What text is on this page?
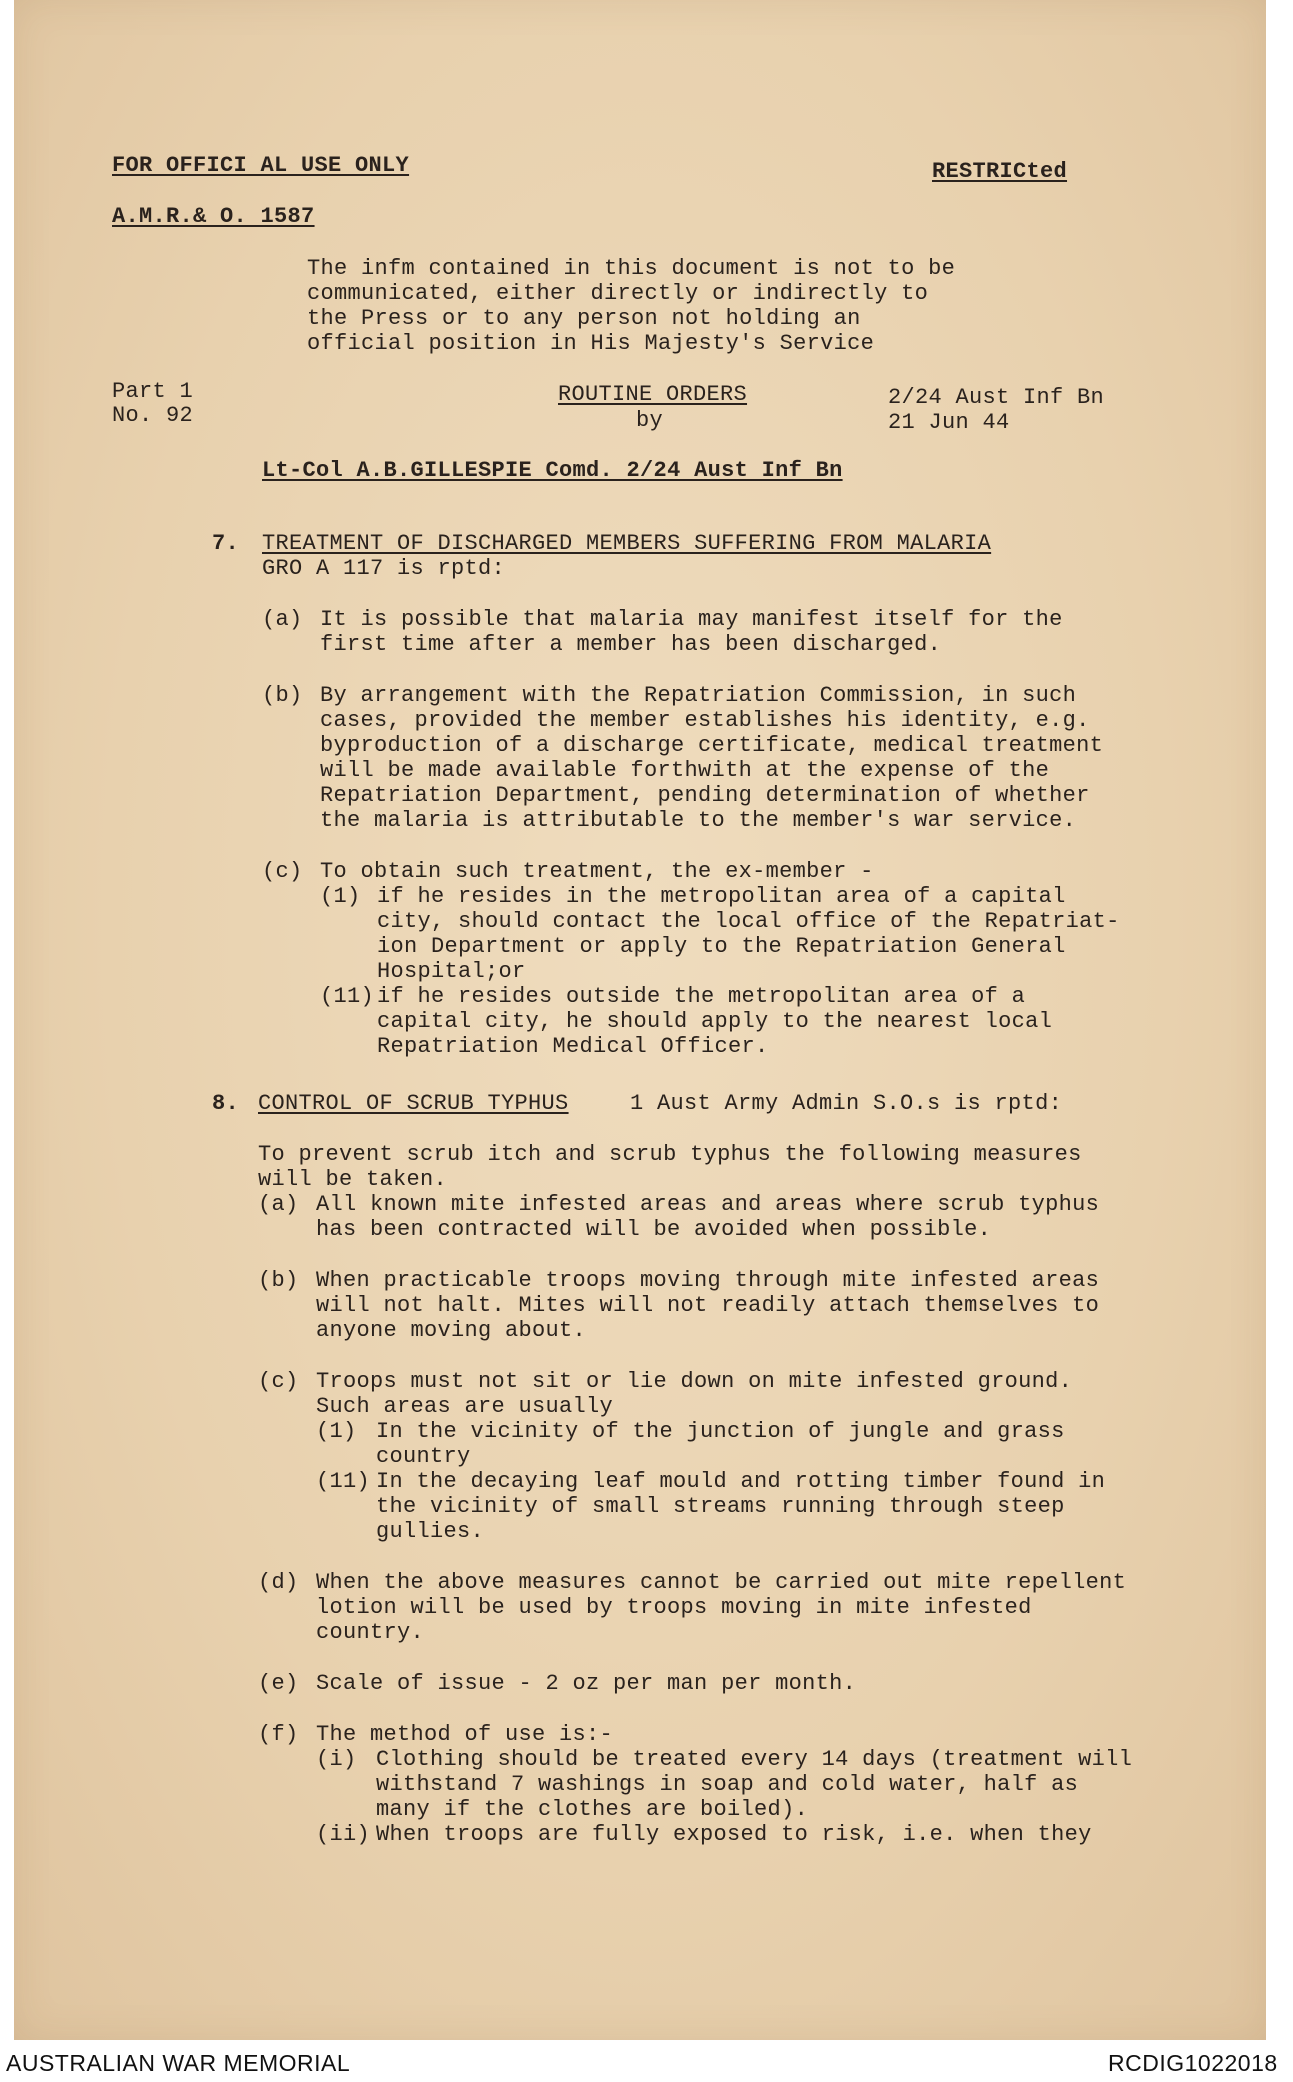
FOR OFFICI AL USE ONLY	RESTRICted
A.M.R.& O. 1587
The infm contained in this document is not to be
communicated, either directly or indirectly to
the Press or to any person not holding an
official position in His Majesty's Service
Part 1
No. 92
ROUTINE ORDERS
by
2/24 Aust Inf Bn
21 Jun 44
Lt-Col A.B.GILLESPIE Comd. 2/24 Aust Inf Bn
7. TREATMENT OF DISCHARGED MEMBERS SUFFERING FROM MALARIA
GRO A 117 is rptd:
(a) It is possible that malaria may manifest itself for the
first time after a member has been discharged.
(b) By arrangement with the Repatriation Commission, in such
cases, provided the member establishes his identity, e.g.
byproduction of a discharge certificate, medical treatment
will be made available forthwith at the expense of the
Repatriation Department, pending determination of whether
the malaria is attributable to the member's war service.
(c) To obtain such treatment, the ex-member -
(1) if he resides in the metropolitan area of a capital
city, should contact the local office of the Repatriat-
ion Department or apply to the Repatriation General
Hospital;or
(11) if he resides outside the metropolitan area of a
capital city, he should apply to the nearest local
Repatriation Medical Officer.
8. CONTROL OF SCRUB TYPHUS	1 Aust Army Admin S.O.s is rptd:
To prevent scrub itch and scrub typhus the following measures
will be taken.
(a) All known mite infested areas and areas where scrub typhus
has been contracted will be avoided when possible.
(b) When practicable troops moving through mite infested areas
will not halt. Mites will not readily attach themselves to
anyone moving about.
(c) Troops must not sit or lie down on mite infested ground.
Such areas are usually
(1) In the vicinity of the junction of jungle and grass
country
(11) In the decaying leaf mould and rotting timber found in
the vicinity of small streams running through steep
gullies.
(d) When the above measures cannot be carried out mite repellent
lotion will be used by troops moving in mite infested
country.
(e) Scale of issue - 2 oz per man per month.
(f) The method of use is:-
(i) Clothing should be treated every 14 days (treatment will
withstand 7 washings in soap and cold water, half as
many if the clothes are boiled).
(ii) When troops are fully exposed to risk, i.e. when they
AUSTRALIAN WAR MEMORIAL	RCDIG1022018
